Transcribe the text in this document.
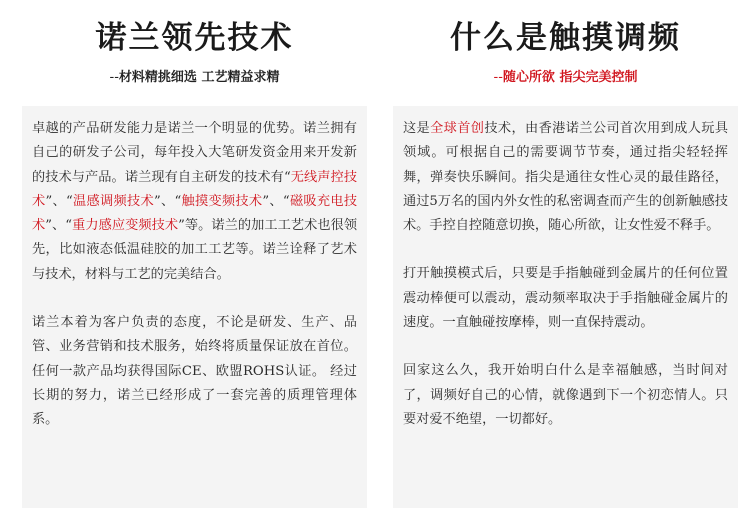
诺兰领先技术
--材料精挑细选 工艺精益求精

卓越的产品研发能力是诺兰一个明显的优势。诺兰拥有自己的研发子公司，每年投入大笔研发资金用来开发新的技术与产品。诺兰现有自主研发的技术有“无线声控技术”、“温感调频技术”、“触摸变频技术”、“磁吸充电技术”、“重力感应变频技术”等。诺兰的加工工艺术也很领先，比如液态低温硅胶的加工工艺等。诺兰诠释了艺术与技术，材料与工艺的完美结合。

诺兰本着为客户负责的态度，不论是研发、生产、品管、业务营销和技术服务，始终将质量保证放在首位。任何一款产品均获得国际CE、欧盟ROHS认证。 经过长期的努力，诺兰已经形成了一套完善的质理管理体系。

什么是触摸调频
--随心所欲 指尖完美控制

这是全球首创技术，由香港诺兰公司首次用到成人玩具领域。可根据自己的需要调节节奏，通过指尖轻轻挥舞，弹奏快乐瞬间。指尖是通往女性心灵的最佳路径，通过5万名的国内外女性的私密调查而产生的创新触感技术。手控自控随意切换，随心所欲，让女性爱不释手。

打开触摸模式后，只要是手指触碰到金属片的任何位置震动棒便可以震动，震动频率取决于手指触碰金属片的速度。一直触碰按摩棒，则一直保持震动。

回家这么久，我开始明白什么是幸福触感，当时间对了，调频好自己的心情，就像遇到下一个初恋情人。只要对爱不绝望，一切都好。
